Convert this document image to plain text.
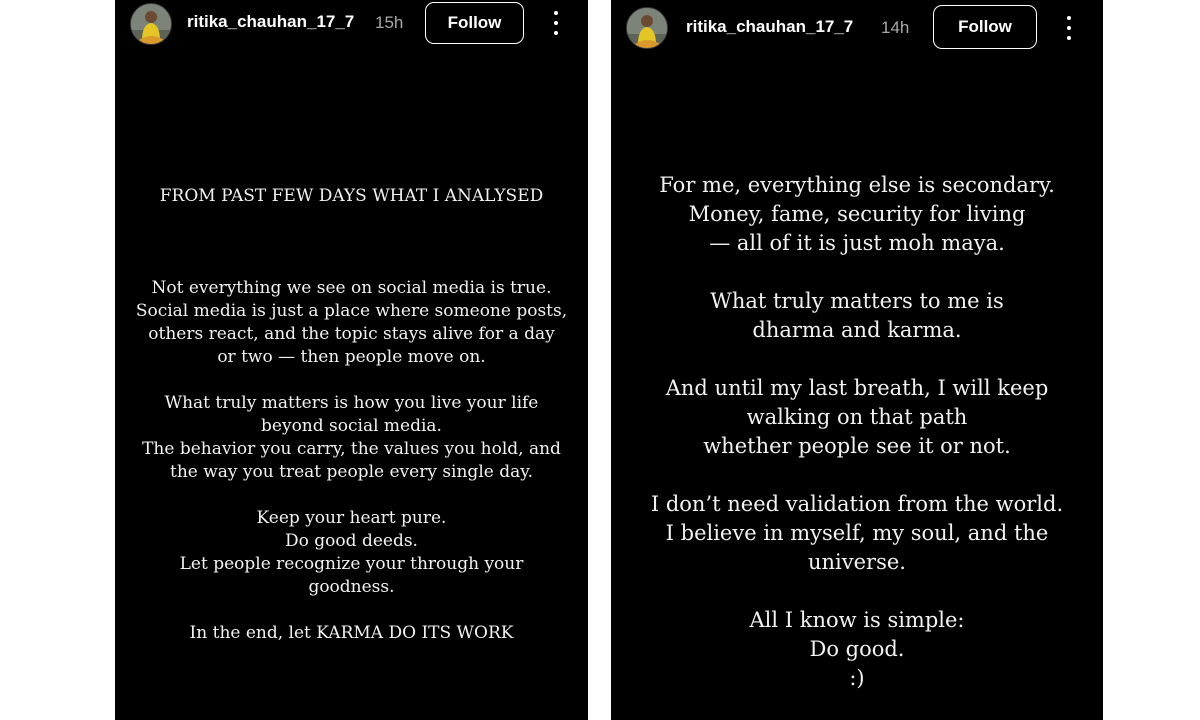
ritika_chauhan_17_7 15h	Follow

FROM PAST FEW DAYS WHAT I ANALYSED

Not everything we see on social media is true.
Social media is just a place where someone posts,
others react, and the topic stays alive for a day
or two — then people move on.

What truly matters is how you live your life
beyond social media.
The behavior you carry, the values you hold, and
the way you treat people every single day.

Keep your heart pure.
Do good deeds.
Let people recognize your through your
goodness.

In the end, let KARMA DO ITS WORK

ritika_chauhan_17_7 14h	Follow

For me, everything else is secondary.
Money, fame, security for living
— all of it is just moh maya.

What truly matters to me is
dharma and karma.

And until my last breath, I will keep
walking on that path
whether people see it or not.

I don’t need validation from the world.
I believe in myself, my soul, and the
universe.

All I know is simple:
Do good.
:)
